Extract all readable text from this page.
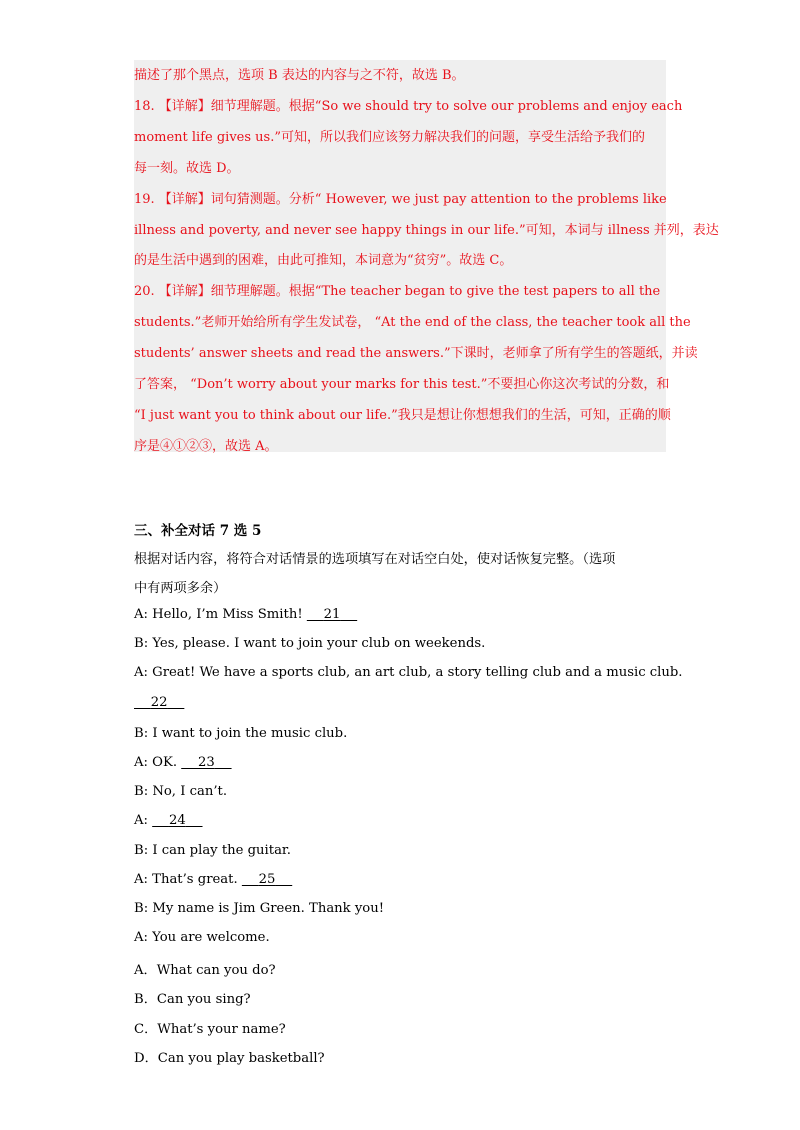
描述了那个黑点，选项 B 表达的内容与之不符，故选 B。
18. 【详解】细节理解题。根据“So we should try to solve our problems and enjoy each
moment life gives us.”可知，所以我们应该努力解决我们的问题，享受生活给予我们的
每一刻。故选 D。
19. 【详解】词句猜测题。分析“ However, we just pay attention to the problems like
illness and poverty, and never see happy things in our life.”可知，本词与 illness 并列，表达
的是生活中遇到的困难，由此可推知，本词意为“贫穷”。故选 C。
20. 【详解】细节理解题。根据“The teacher began to give the test papers to all the
students.”老师开始给所有学生发试卷， “At the end of the class, the teacher took all the
students’ answer sheets and read the answers.”下课时，老师拿了所有学生的答题纸，并读
了答案， “Don’t worry about your marks for this test.”不要担心你这次考试的分数，和
“I just want you to think about our life.”我只是想让你想想我们的生活，可知，正确的顺
序是④①②③，故选 A。
三、补全对话 7 选 5
根据对话内容，将符合对话情景的选项填写在对话空白处，使对话恢复完整。（选项
中有两项多余）
A: Hello, I’m Miss Smith! 21
B: Yes, please. I want to join your club on weekends.
A: Great! We have a sports club, an art club, a story telling club and a music club.
22
B: I want to join the music club.
A: OK. 23
B: No, I can’t.
A: 24
B: I can play the guitar.
A: That’s great. 25
B: My name is Jim Green. Thank you!
A: You are welcome.
A．What can you do?
B．Can you sing?
C．What’s your name?
D．Can you play basketball?
